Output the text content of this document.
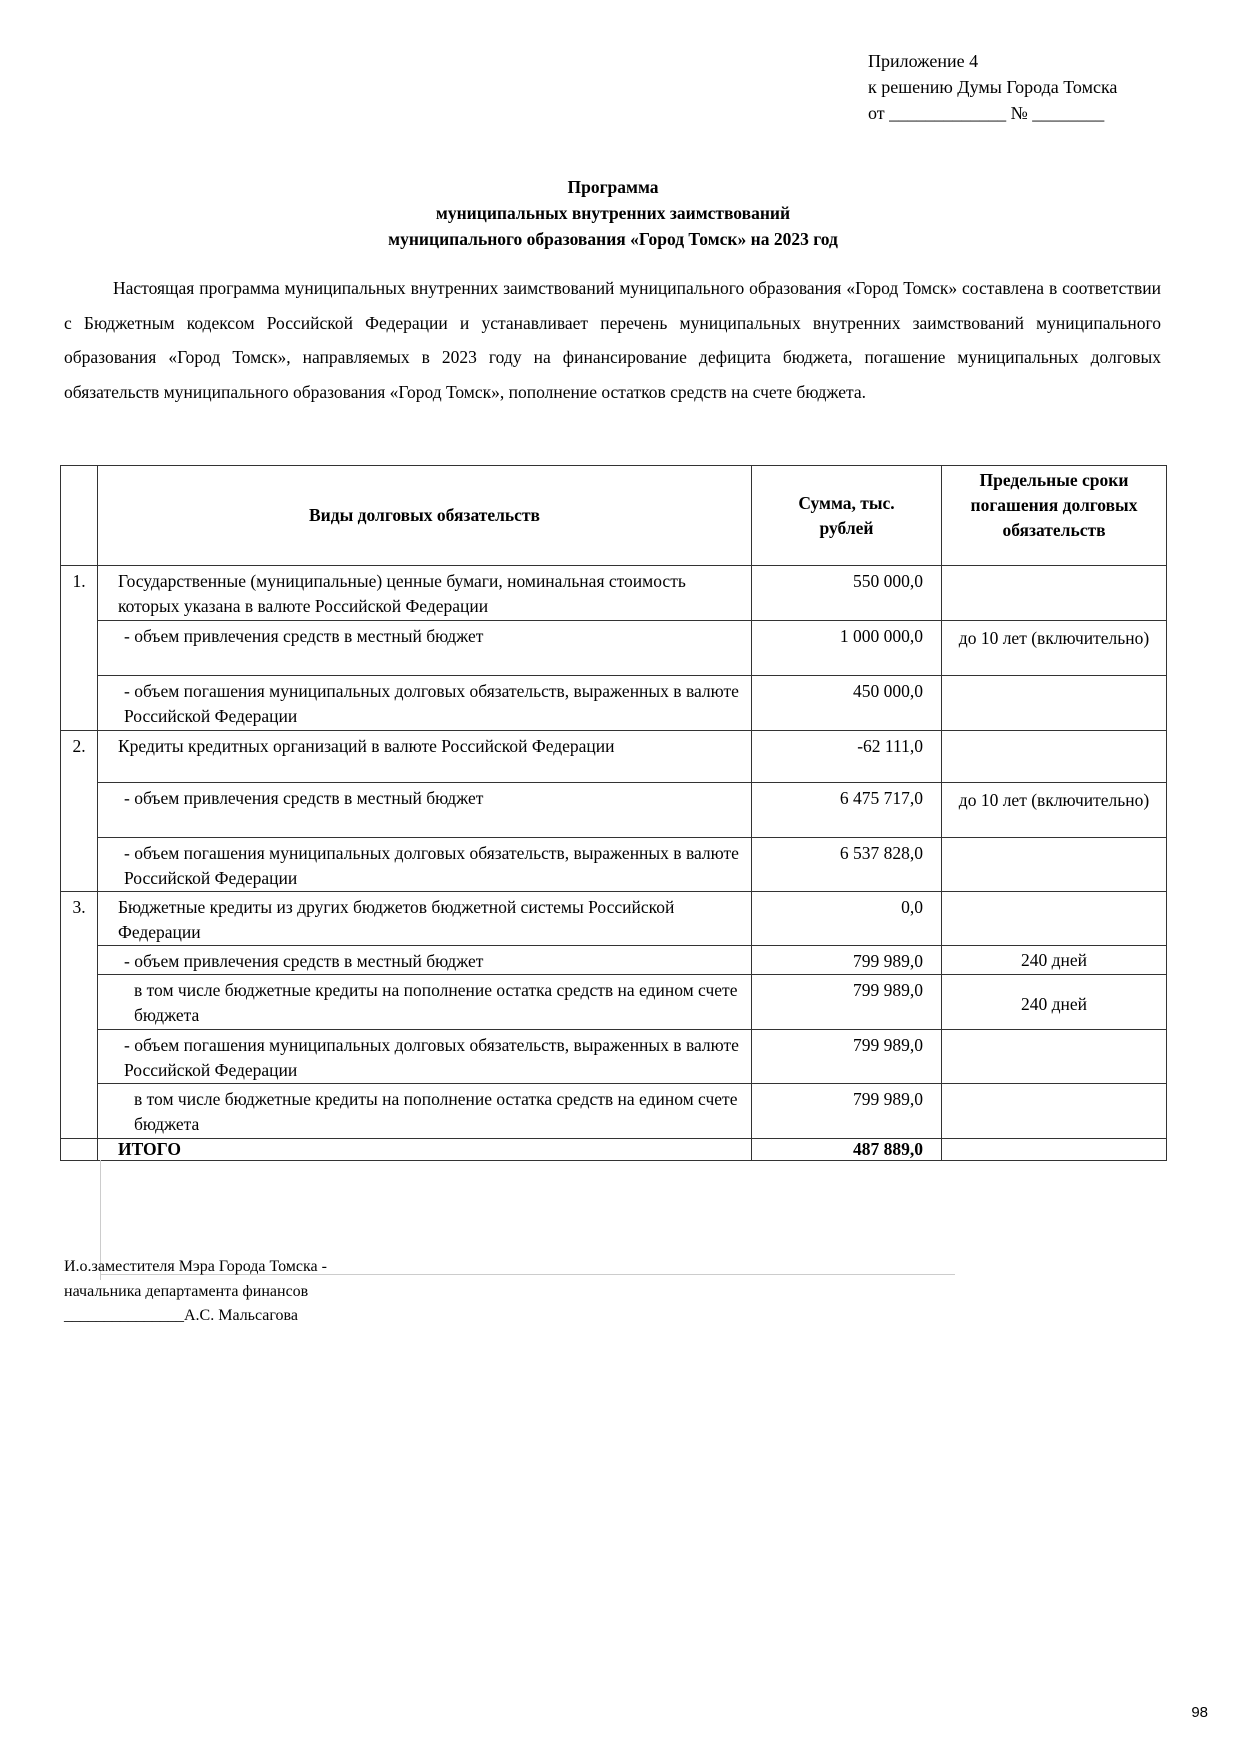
Приложение 4
к решению Думы Города Томска
от _____________ № ________
Программа
муниципальных внутренних заимствований
муниципального образования «Город Томск» на 2023 год

Настоящая программа муниципальных внутренних заимствований муниципального образования «Город Томск» составлена в соответствии с Бюджетным кодексом Российской Федерации и устанавливает перечень муниципальных внутренних заимствований муниципального образования «Город Томск», направляемых в 2023 году на финансирование дефицита бюджета, погашение муниципальных долговых обязательств муниципального образования «Город Томск», пополнение остатков средств на счете бюджета.

	Виды долговых обязательств	Сумма, тыс. рублей	Предельные сроки погашения долговых обязательств
1.	Государственные (муниципальные) ценные бумаги, номинальная стоимость которых указана в валюте Российской Федерации	550 000,0	
	- объем привлечения средств в местный бюджет	1 000 000,0	до 10 лет (включительно)
	- объем погашения муниципальных долговых обязательств, выраженных в валюте Российской Федерации	450 000,0	
2.	Кредиты кредитных организаций в валюте Российской Федерации	-62 111,0	
	- объем привлечения средств в местный бюджет	6 475 717,0	до 10 лет (включительно)
	- объем погашения муниципальных долговых обязательств, выраженных в валюте Российской Федерации	6 537 828,0	
3.	Бюджетные кредиты из других бюджетов бюджетной системы Российской Федерации	0,0	
	- объем привлечения средств в местный бюджет	799 989,0	240 дней
	в том числе бюджетные кредиты на пополнение остатка средств на едином счете бюджета	799 989,0	240 дней
	- объем погашения муниципальных долговых обязательств, выраженных в валюте Российской Федерации	799 989,0	
	в том числе бюджетные кредиты на пополнение остатка средств на едином счете бюджета	799 989,0	
	ИТОГО	487 889,0	
И.о.заместителя Мэра Города Томска -
начальника департамента финансов
_______________А.С. Мальсагова
98
